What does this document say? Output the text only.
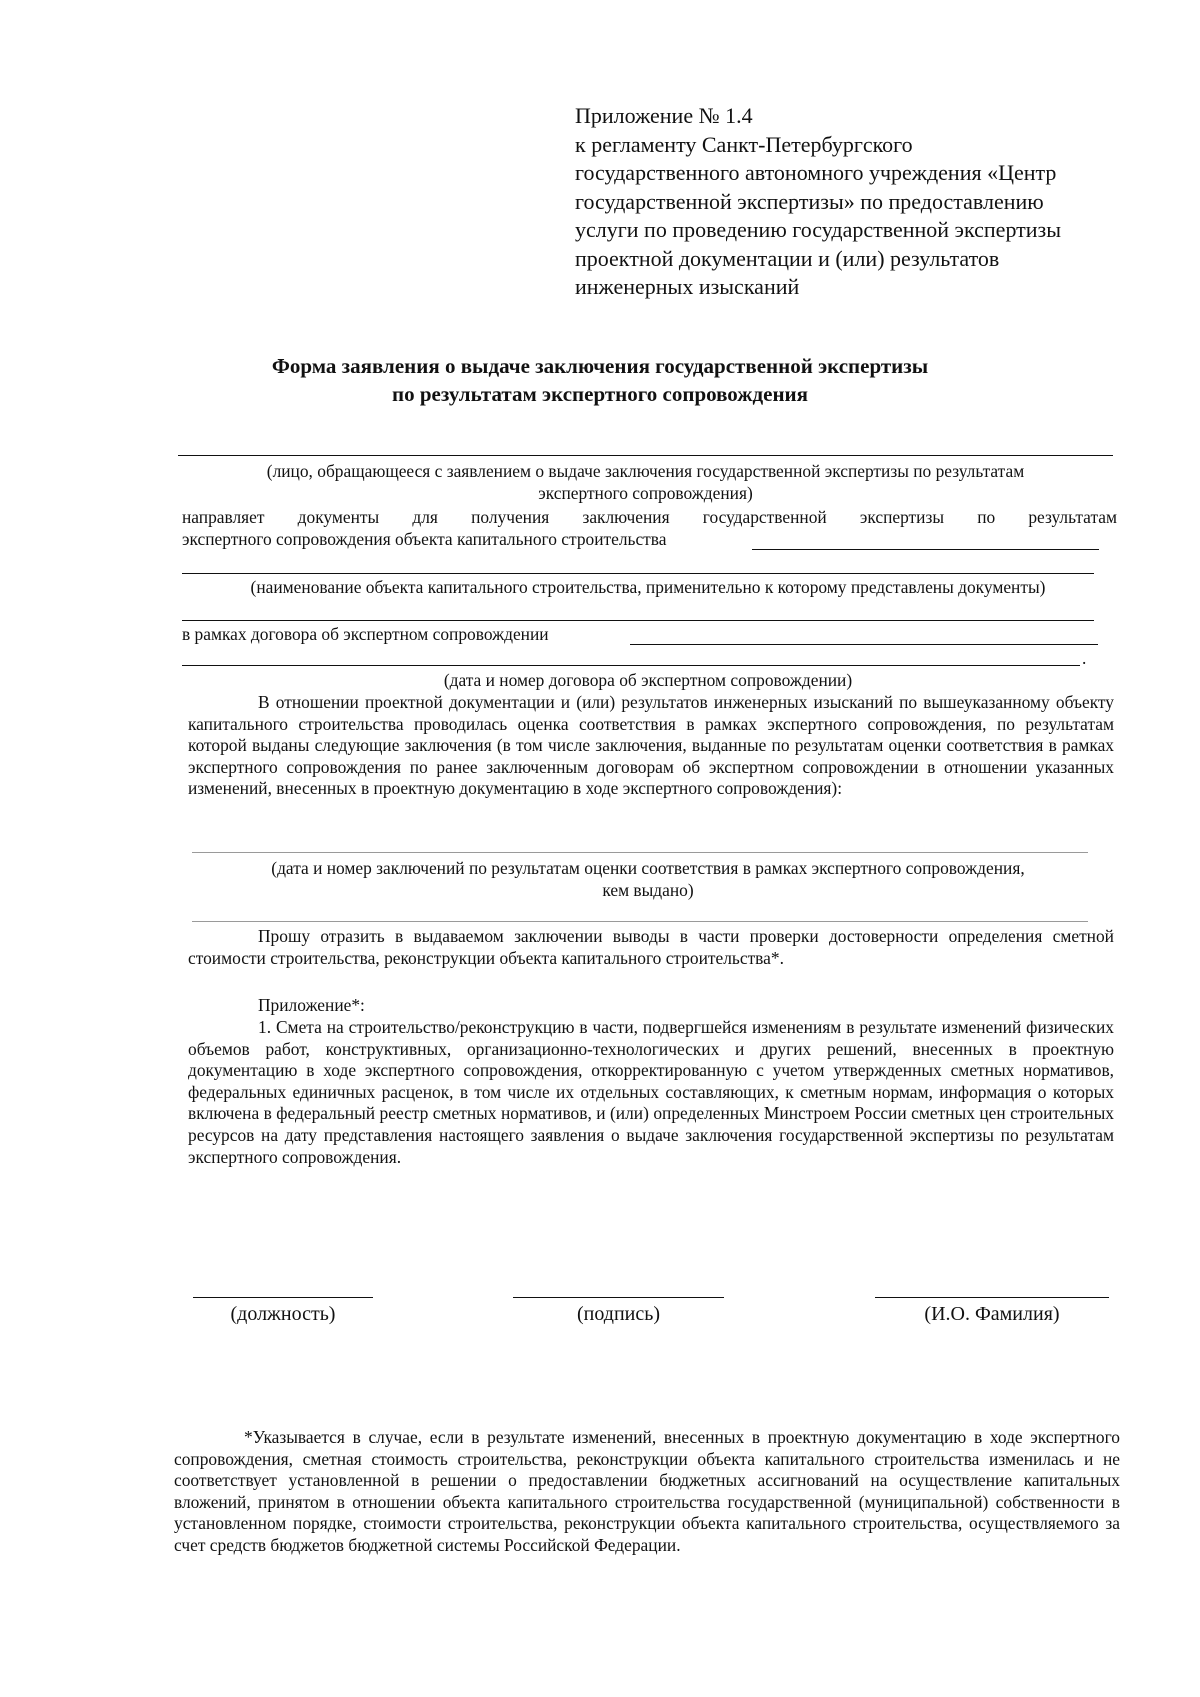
Приложение № 1.4
к регламенту Санкт-Петербургского
государственного автономного учреждения «Центр
государственной экспертизы» по предоставлению
услуги по проведению государственной экспертизы
проектной документации и (или) результатов
инженерных изысканий
Форма заявления о выдаче заключения государственной экспертизы
по результатам экспертного сопровождения
(лицо, обращающееся с заявлением о выдаче заключения государственной экспертизы по результатам
экспертного сопровождения)
направляет документы для получения заключения государственной экспертизы по результатам
экспертного сопровождения объекта капитального строительства
(наименование объекта капитального строительства, применительно к которому представлены документы)
в рамках договора об экспертном сопровождении
.
(дата и номер договора об экспертном сопровождении)
В отношении проектной документации и (или) результатов инженерных изысканий по вышеуказанному объекту капитального строительства проводилась оценка соответствия в рамках экспертного сопровождения, по результатам которой выданы следующие заключения (в том числе заключения, выданные по результатам оценки соответствия в рамках экспертного сопровождения по ранее заключенным договорам об экспертном сопровождении в отношении указанных изменений, внесенных в проектную документацию в ходе экспертного сопровождения):
(дата и номер заключений по результатам оценки соответствия в рамках экспертного сопровождения,
кем выдано)
Прошу отразить в выдаваемом заключении выводы в части проверки достоверности определения сметной стоимости строительства, реконструкции объекта капитального строительства*.
Приложение*:
1. Смета на строительство/реконструкцию в части, подвергшейся изменениям в результате изменений физических объемов работ, конструктивных, организационно-технологических и других решений, внесенных в проектную документацию в ходе экспертного сопровождения, откорректированную с учетом утвержденных сметных нормативов, федеральных единичных расценок, в том числе их отдельных составляющих, к сметным нормам, информация о которых включена в федеральный реестр сметных нормативов, и (или) определенных Минстроем России сметных цен строительных ресурсов на дату представления настоящего заявления о выдаче заключения государственной экспертизы по результатам экспертного сопровождения.
(должность)	(подпись)	(И.О. Фамилия)
*Указывается в случае, если в результате изменений, внесенных в проектную документацию в ходе экспертного сопровождения, сметная стоимость строительства, реконструкции объекта капитального строительства изменилась и не соответствует установленной в решении о предоставлении бюджетных ассигнований на осуществление капитальных вложений, принятом в отношении объекта капитального строительства государственной (муниципальной) собственности в установленном порядке, стоимости строительства, реконструкции объекта капитального строительства, осуществляемого за счет средств бюджетов бюджетной системы Российской Федерации.
